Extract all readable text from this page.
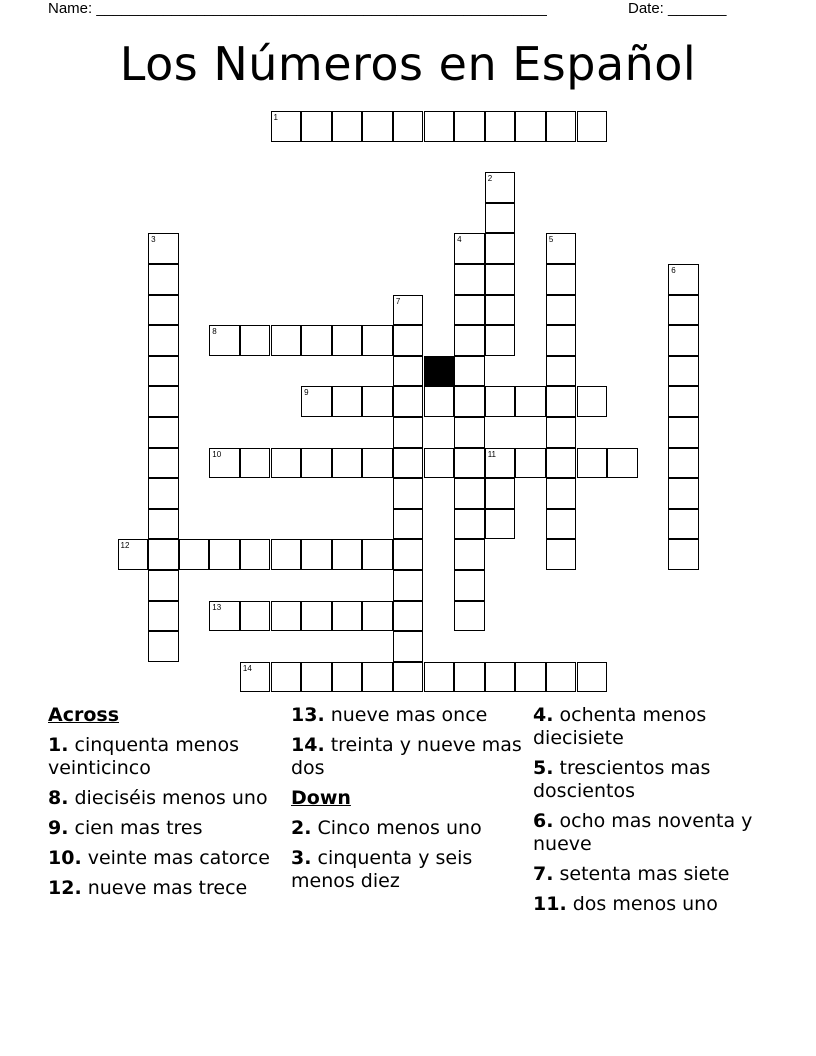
Name: ______________________________________________________	Date: _______
Los Números en Español
1
2
3	4	5
6
7
8
9
10	11
12
13
14
Across
1. cinquenta menos veinticinco
8. dieciséis menos uno
9. cien mas tres
10. veinte mas catorce
12. nueve mas trece
13. nueve mas once
14. treinta y nueve mas dos
Down
2. Cinco menos uno
3. cinquenta y seis menos diez
4. ochenta menos diecisiete
5. trescientos mas doscientos
6. ocho mas noventa y nueve
7. setenta mas siete
11. dos menos uno
